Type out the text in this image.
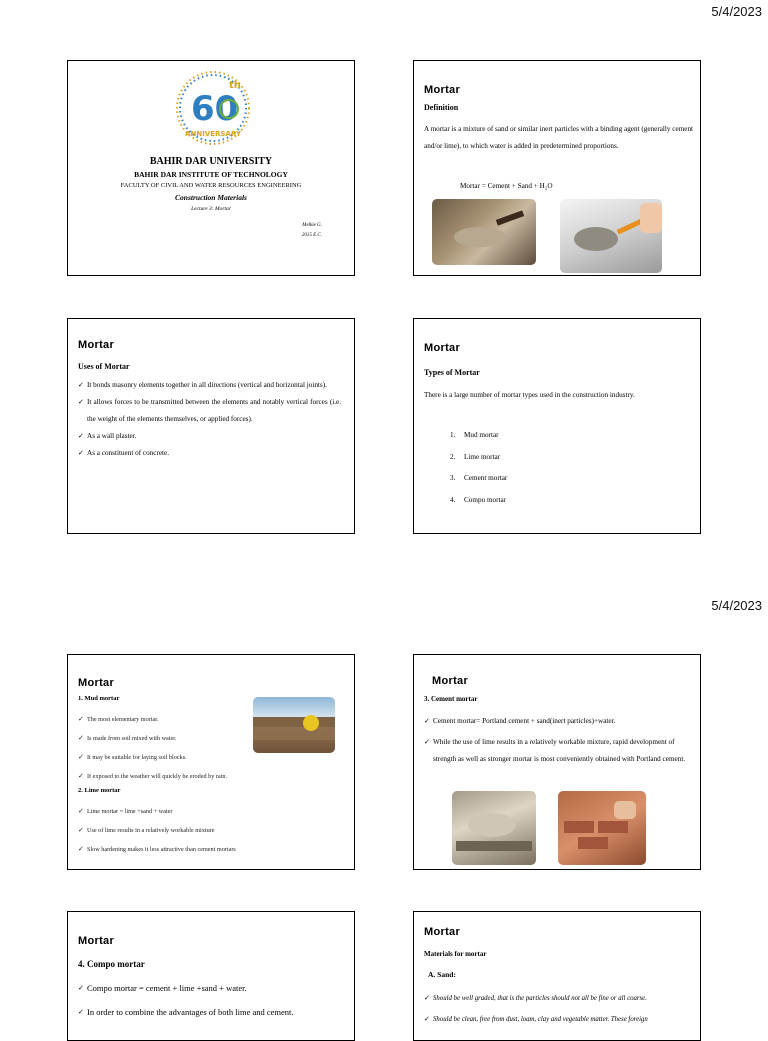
5/4/2023
th
60
ANNIVERSARY
BAHIR DAR UNIVERSITY
BAHIR DAR INSTITUTE OF TECHNOLOGY
FACULTY OF CIVIL AND WATER RESOURCES ENGINEERING
Construction Materials
Lecture 3: Mortar
Melkie G.
2015 E.C.
Mortar
Definition
A mortar is a mixture of sand or similar inert particles with a binding agent (generally cement and/or lime), to which water is added in predetermined proportions.
Mortar = Cement + Sand + H₂O
Mortar
Uses of Mortar
✓ It bonds masonry elements together in all directions (vertical and horizontal joints).
✓ It allows forces to be transmitted between the elements and notably vertical forces (i.e. the weight of the elements themselves, or applied forces).
✓ As a wall plaster.
✓ As a constituent of concrete.
Mortar
Types of Mortar
There is a large number of mortar types used in the construction industry.
1.	Mud mortar
2.	Lime mortar
3.	Cement mortar
4.	Compo mortar
5/4/2023
Mortar
1. Mud mortar
✓ The most elementary mortar.
✓ Is made from soil mixed with water.
✓ It may be suitable for laying soil blocks.
✓ If exposed to the weather will quickly be eroded by rain.
2. Lime mortar
✓ Lime mortar = lime +sand + water
✓ Use of lime results in a relatively workable mixture
✓ Slow hardening makes it less attractive than cement mortars
Mortar
3. Cement mortar
✓ Cement mortar= Portland cement + sand(inert particles)+water.
✓ While the use of lime results in a relatively workable mixture, rapid development of strength as well as stronger mortar is most conveniently obtained with Portland cement.
Mortar
4. Compo mortar
✓ Compo mortar = cement + lime +sand + water.
✓ In order to combine the advantages of both lime and cement.
Mortar
Materials for mortar
A. Sand:
✓ Should be well graded, that is the particles should not all be fine or all coarse.
✓ Should be clean, free from dust, loam, clay and vegetable matter. These foreign
